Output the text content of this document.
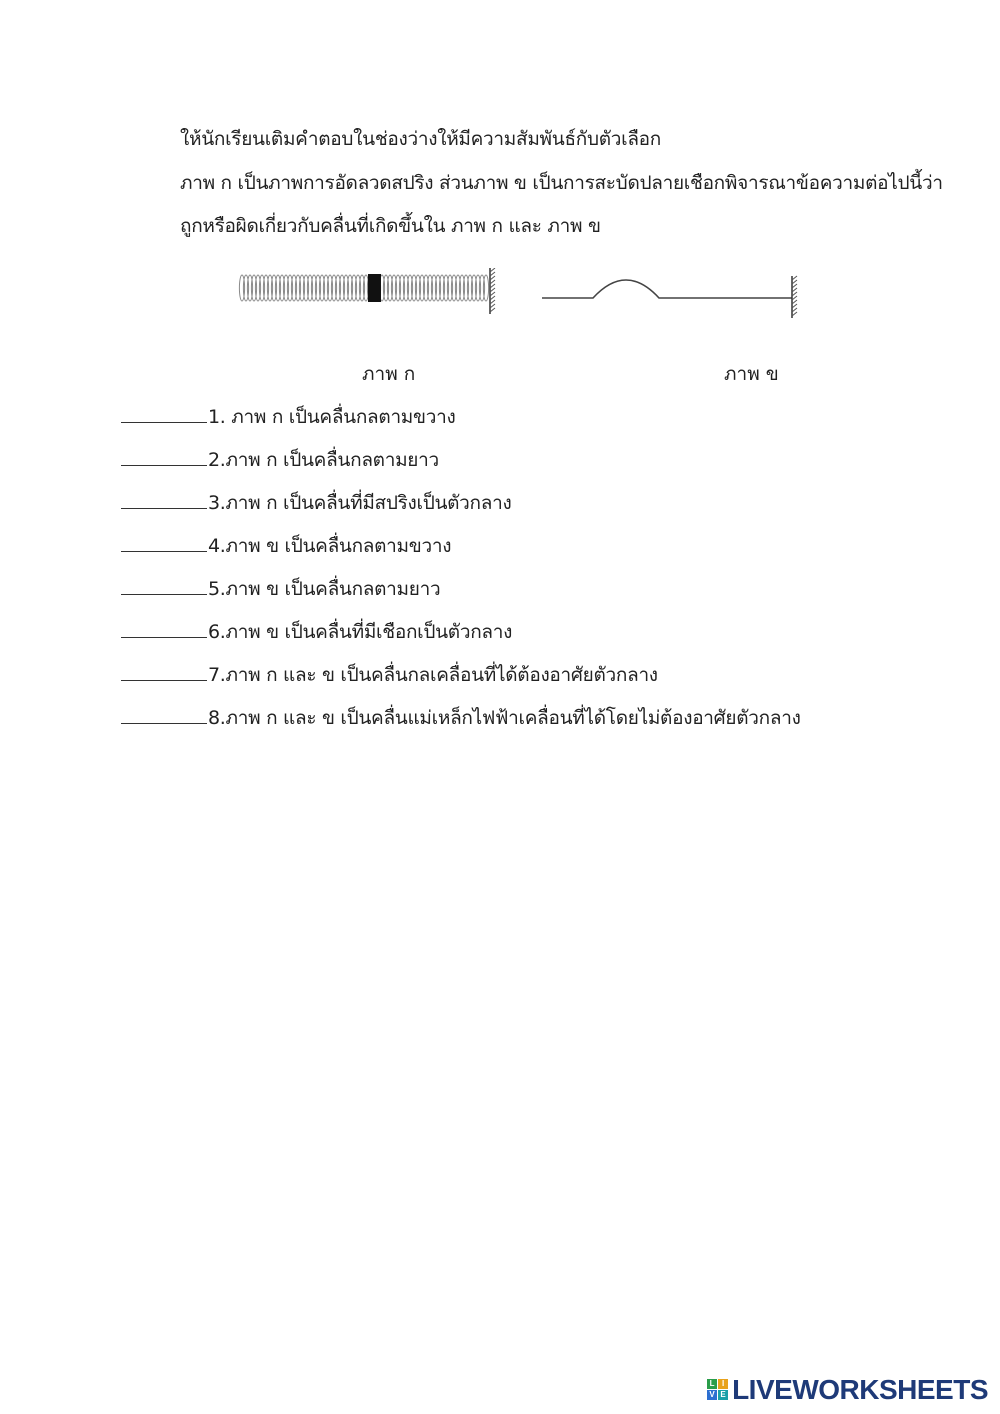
ให้นักเรียนเติมคำตอบในช่องว่างให้มีความสัมพันธ์กับตัวเลือก
ภาพ ก เป็นภาพการอัดลวดสปริง ส่วนภาพ ข เป็นการสะบัดปลายเชือกพิจารณาข้อความต่อไปนี้ว่า
ถูกหรือผิดเกี่ยวกับคลื่นที่เกิดขึ้นใน ภาพ ก และ ภาพ ข
ภาพ ก	ภาพ ข
1. ภาพ ก เป็นคลื่นกลตามขวาง
2.ภาพ ก เป็นคลื่นกลตามยาว
3.ภาพ ก เป็นคลื่นที่มีสปริงเป็นตัวกลาง
4.ภาพ ข เป็นคลื่นกลตามขวาง
5.ภาพ ข เป็นคลื่นกลตามยาว
6.ภาพ ข เป็นคลื่นที่มีเชือกเป็นตัวกลาง
7.ภาพ ก และ ข เป็นคลื่นกลเคลื่อนที่ได้ต้องอาศัยตัวกลาง
8.ภาพ ก และ ข เป็นคลื่นแม่เหล็กไฟฟ้าเคลื่อนที่ได้โดยไม่ต้องอาศัยตัวกลาง
L I
V E LIVEWORKSHEETS
